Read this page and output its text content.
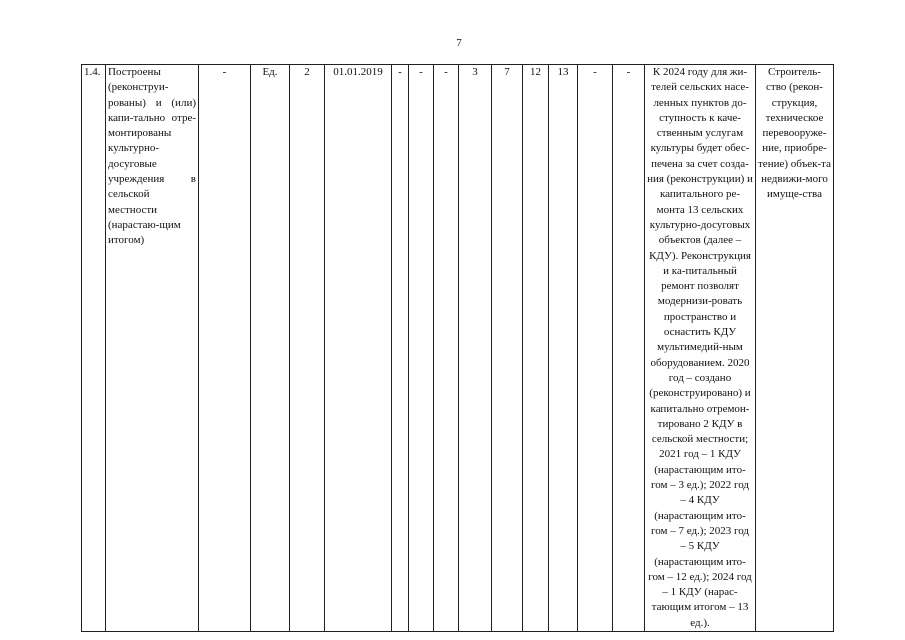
7
1.4.	Построены (реконструи-рованы) и (или) капи-тально отре-монтированы культурно-досуговые учреждения в сельской местности (нарастаю-щим итогом)	-	Ед.	2	01.01.2019	-	-	-	3	7	12	13	-	-	К 2024 году для жи-телей сельских насе-ленных пунктов до-ступность к каче-ственным услугам культуры будет обес-печена за счет созда-ния (реконструкции) и капитального ре-монта 13 сельских культурно-досуговых объектов (далее – КДУ). Реконструкция и ка-питальный ремонт позволят модернизи-ровать пространство и оснастить КДУ мультимедий-ным оборудованием. 2020 год – создано (реконструировано) и капитально отремон-тировано 2 КДУ в сельской местности; 2021 год – 1 КДУ (нарастающим ито-гом – 3 ед.); 2022 год – 4 КДУ (нарастающим ито-гом – 7 ед.); 2023 год – 5 КДУ (нарастающим ито-гом – 12 ед.); 2024 год – 1 КДУ (нарас-тающим итогом – 13 ед.).	Строитель-ство (рекон-струкция, техническое перевооруже-ние, приобре-тение) объек-та недвижи-мого имуще-ства
